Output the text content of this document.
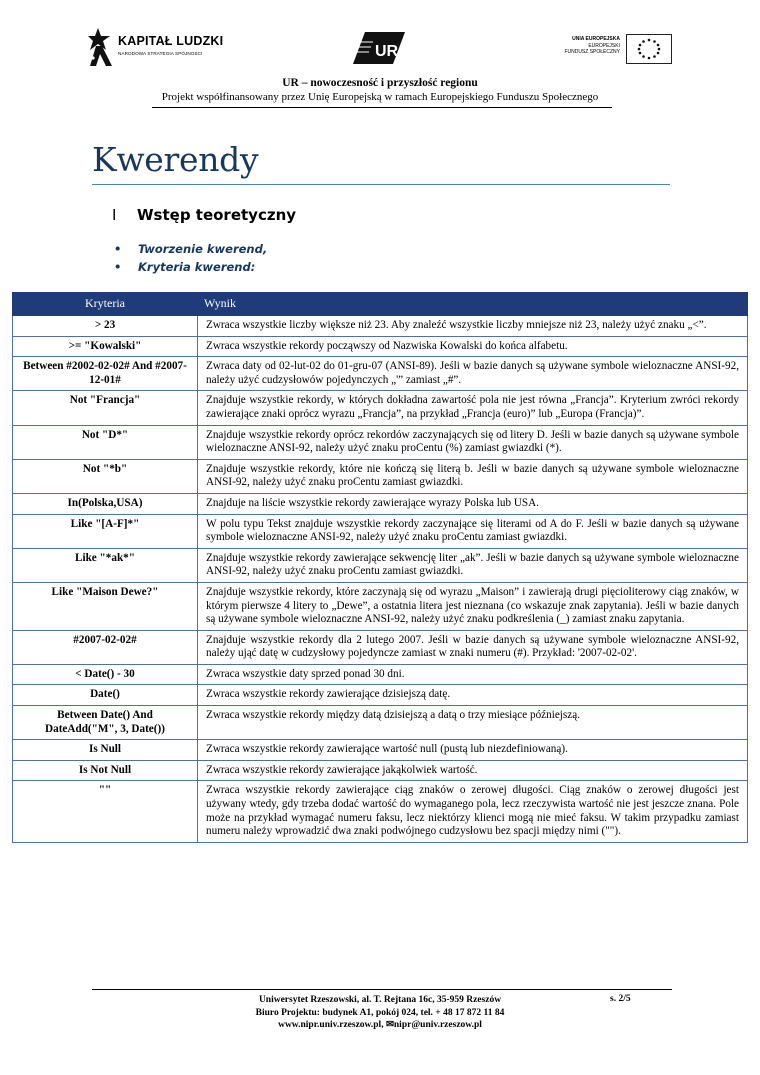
KAPITAŁ LUDZKI
NARODOWA STRATEGIA SPÓJNOŚCI	UR
UNIA EUROPEJSKA
EUROPEJSKI
FUNDUSZ SPOŁECZNY
UR – nowoczesność i przyszłość regionu
Projekt współfinansowany przez Unię Europejską w ramach Europejskiego Funduszu Społecznego
Kwerendy
I Wstęp teoretyczny
• Tworzenie kwerend,
• Kryteria kwerend:
Kryteria	Wynik
> 23	Zwraca wszystkie liczby większe niż 23. Aby znaleźć wszystkie liczby mniejsze niż 23, należy użyć znaku „<”.
>= "Kowalski"	Zwraca wszystkie rekordy począwszy od Nazwiska Kowalski do końca alfabetu.
Between #2002-02-02# And #2007-12-01#	Zwraca daty od 02-lut-02 do 01-gru-07 (ANSI-89). Jeśli w bazie danych są używane symbole wieloznaczne ANSI-92, należy użyć cudzysłowów pojedynczych „'” zamiast „#”.
Not "Francja"	Znajduje wszystkie rekordy, w których dokładna zawartość pola nie jest równa „Francja”. Kryterium zwróci rekordy zawierające znaki oprócz wyrazu „Francja”, na przykład „Francja (euro)” lub „Europa (Francja)”.
Not "D*"	Znajduje wszystkie rekordy oprócz rekordów zaczynających się od litery D. Jeśli w bazie danych są używane symbole wieloznaczne ANSI-92, należy użyć znaku proCentu (%) zamiast gwiazdki (*).
Not "*b"	Znajduje wszystkie rekordy, które nie kończą się literą b. Jeśli w bazie danych są używane symbole wieloznaczne ANSI-92, należy użyć znaku proCentu zamiast gwiazdki.
In(Polska,USA)	Znajduje na liście wszystkie rekordy zawierające wyrazy Polska lub USA.
Like "[A-F]*"	W polu typu Tekst znajduje wszystkie rekordy zaczynające się literami od A do F. Jeśli w bazie danych są używane symbole wieloznaczne ANSI-92, należy użyć znaku proCentu zamiast gwiazdki.
Like "*ak*"	Znajduje wszystkie rekordy zawierające sekwencję liter „ak”. Jeśli w bazie danych są używane symbole wieloznaczne ANSI-92, należy użyć znaku proCentu zamiast gwiazdki.
Like "Maison Dewe?"	Znajduje wszystkie rekordy, które zaczynają się od wyrazu „Maison” i zawierają drugi pięcioliterowy ciąg znaków, w którym pierwsze 4 litery to „Dewe”, a ostatnia litera jest nieznana (co wskazuje znak zapytania). Jeśli w bazie danych są używane symbole wieloznaczne ANSI-92, należy użyć znaku podkreślenia (_) zamiast znaku zapytania.
#2007-02-02#	Znajduje wszystkie rekordy dla 2 lutego 2007. Jeśli w bazie danych są używane symbole wieloznaczne ANSI-92, należy ująć datę w cudzysłowy pojedyncze zamiast w znaki numeru (#). Przykład: '2007-02-02'.
< Date() - 30	Zwraca wszystkie daty sprzed ponad 30 dni.
Date()	Zwraca wszystkie rekordy zawierające dzisiejszą datę.
Between Date() And DateAdd("M", 3, Date())	Zwraca wszystkie rekordy między datą dzisiejszą a datą o trzy miesiące późniejszą.
Is Null	Zwraca wszystkie rekordy zawierające wartość null (pustą lub niezdefiniowaną).
Is Not Null	Zwraca wszystkie rekordy zawierające jakąkolwiek wartość.
""	Zwraca wszystkie rekordy zawierające ciąg znaków o zerowej długości. Ciąg znaków o zerowej długości jest używany wtedy, gdy trzeba dodać wartość do wymaganego pola, lecz rzeczywista wartość nie jest jeszcze znana. Pole może na przykład wymagać numeru faksu, lecz niektórzy klienci mogą nie mieć faksu. W takim przypadku zamiast numeru należy wprowadzić dwa znaki podwójnego cudzysłowu bez spacji między nimi ("").
Uniwersytet Rzeszowski, al. T. Rejtana 16c, 35-959 Rzeszów
Biuro Projektu: budynek A1, pokój 024, tel. + 48 17 872 11 84
www.nipr.univ.rzeszow.pl, ✉nipr@univ.rzeszow.pl
s. 2/5
